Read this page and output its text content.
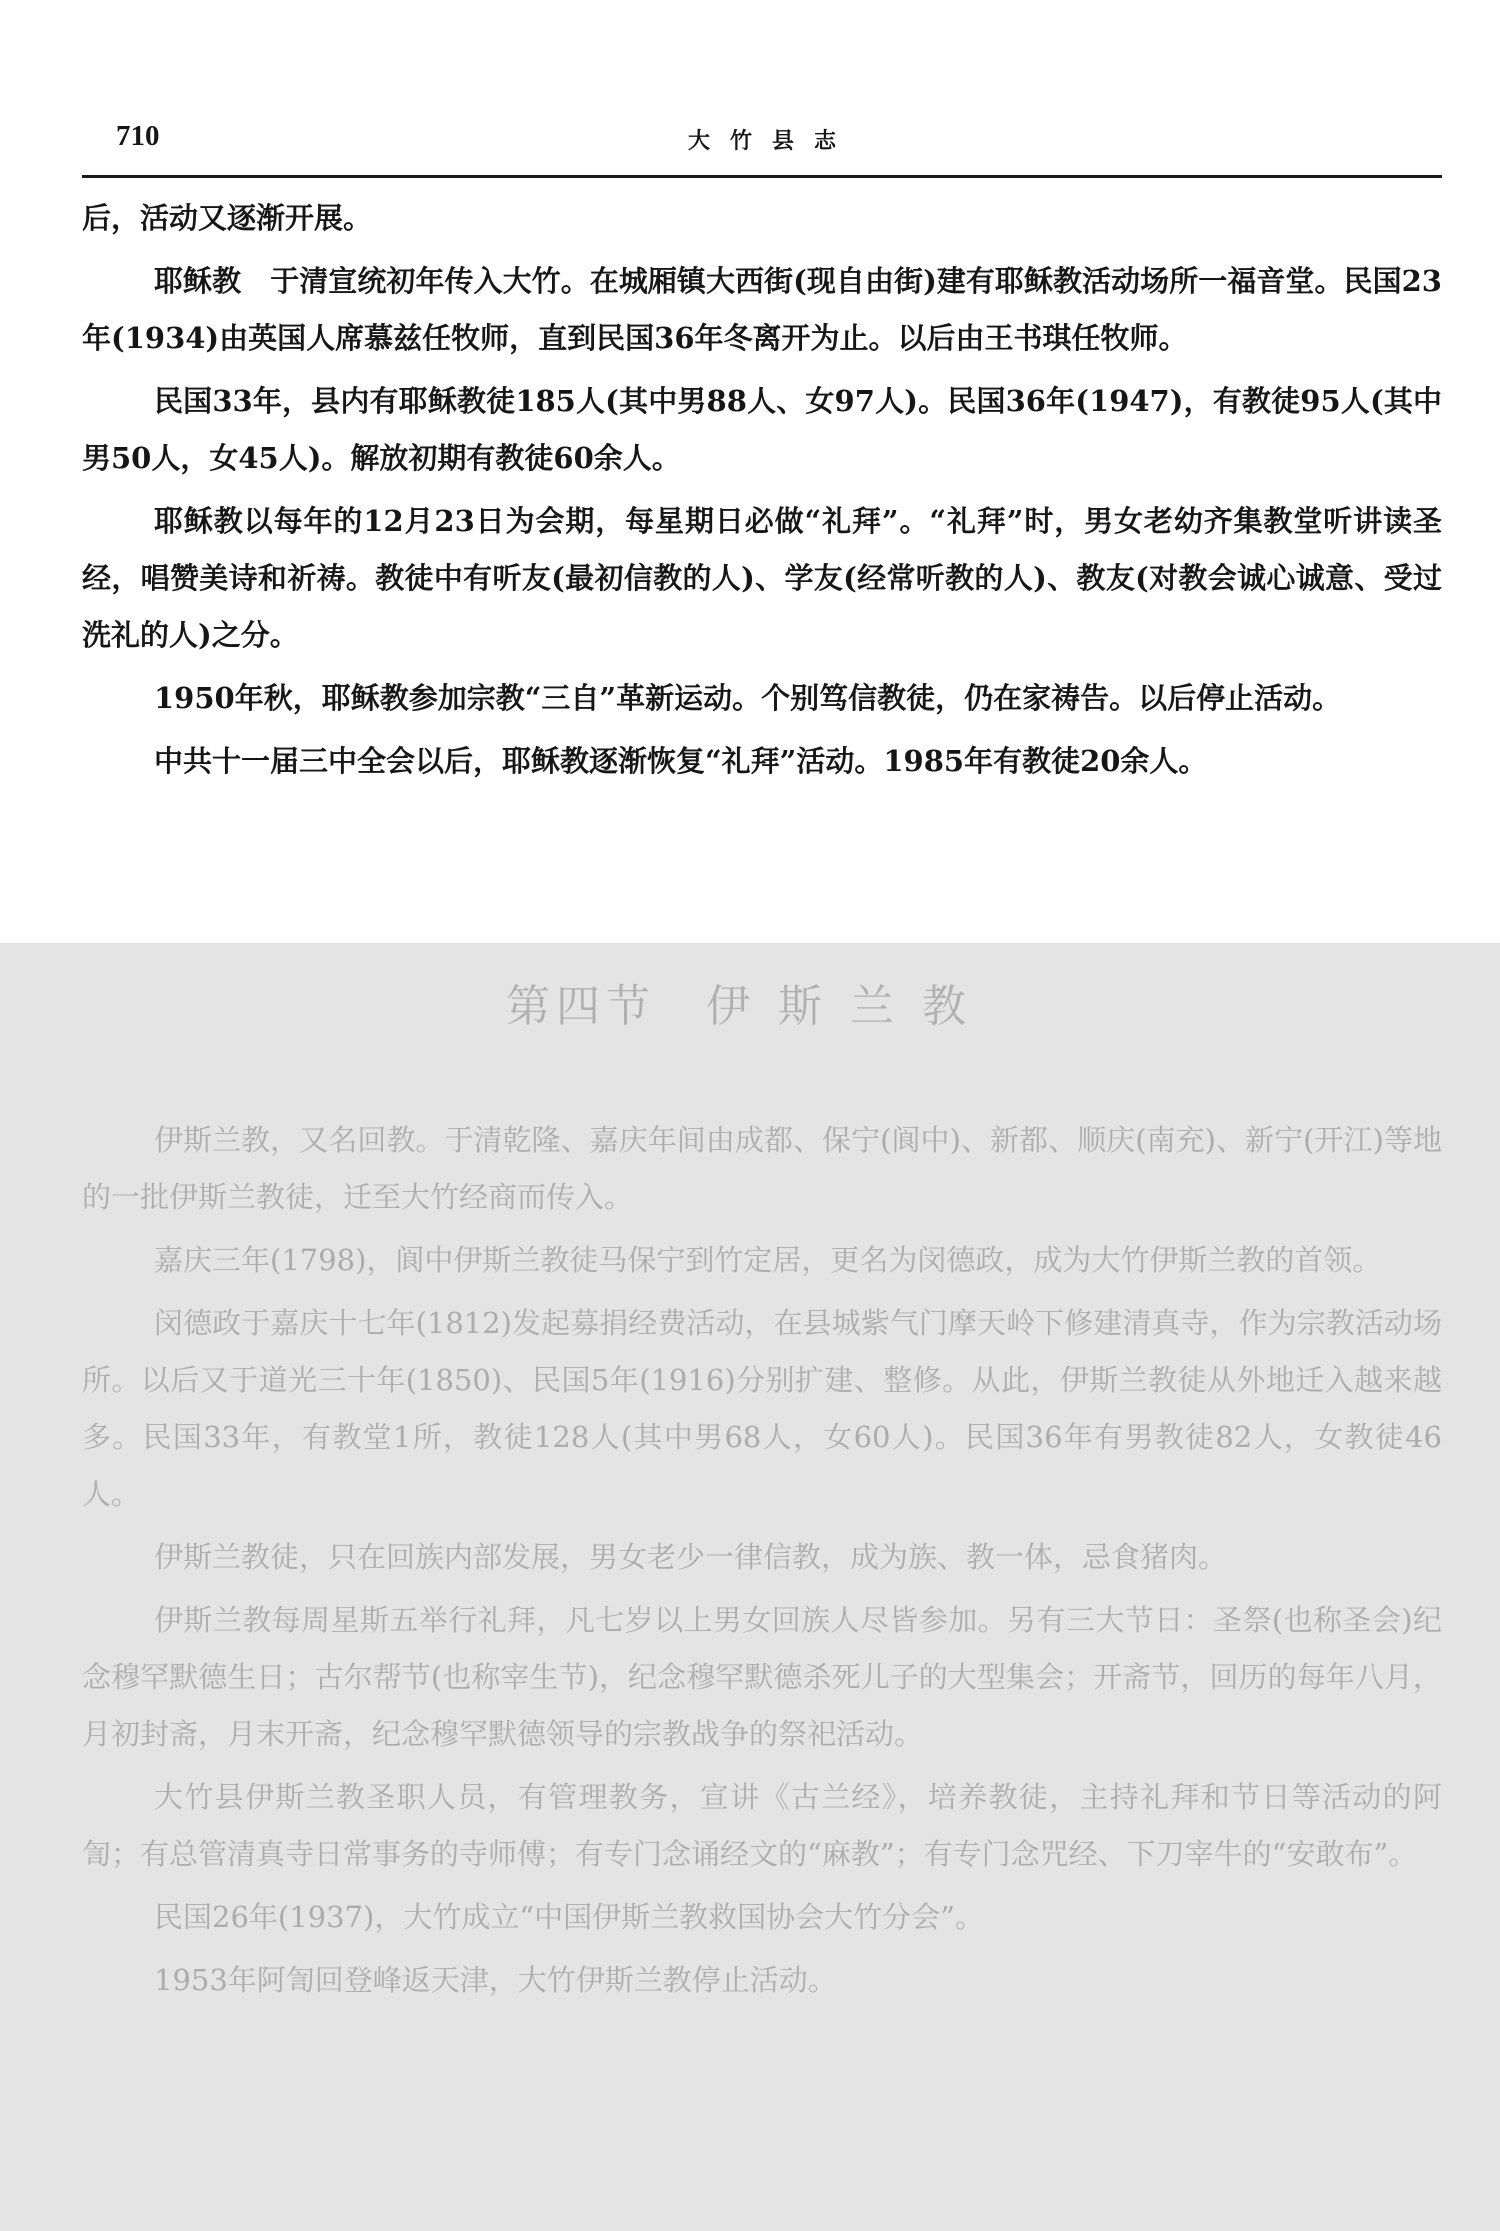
710	大竹县志

后，活动又逐渐开展。

耶稣教　于清宣统初年传入大竹。在城厢镇大西街(现自由街)建有耶稣教活动场所一福音堂。民国23年(1934)由英国人席慕兹任牧师，直到民国36年冬离开为止。以后由王书琪任牧师。

民国33年，县内有耶稣教徒185人(其中男88人、女97人)。民国36年(1947)，有教徒95人(其中男50人，女45人)。解放初期有教徒60余人。

耶稣教以每年的12月23日为会期，每星期日必做“礼拜”。“礼拜”时，男女老幼齐集教堂听讲读圣经，唱赞美诗和祈祷。教徒中有听友(最初信教的人)、学友(经常听教的人)、教友(对教会诚心诚意、受过洗礼的人)之分。

1950年秋，耶稣教参加宗教“三自”革新运动。个别笃信教徒，仍在家祷告。以后停止活动。

中共十一届三中全会以后，耶稣教逐渐恢复“礼拜”活动。1985年有教徒20余人。

第四节 伊斯兰教

伊斯兰教，又名回教。于清乾隆、嘉庆年间由成都、保宁(阆中)、新都、顺庆(南充)、新宁(开江)等地的一批伊斯兰教徒，迁至大竹经商而传入。

嘉庆三年(1798)，阆中伊斯兰教徒马保宁到竹定居，更名为闵德政，成为大竹伊斯兰教的首领。

闵德政于嘉庆十七年(1812)发起募捐经费活动，在县城紫气门摩天岭下修建清真寺，作为宗教活动场所。以后又于道光三十年(1850)、民国5年(1916)分别扩建、整修。从此，伊斯兰教徒从外地迁入越来越多。民国33年，有教堂1所，教徒128人(其中男68人，女60人)。民国36年有男教徒82人，女教徒46人。

伊斯兰教徒，只在回族内部发展，男女老少一律信教，成为族、教一体，忌食猪肉。

伊斯兰教每周星斯五举行礼拜，凡七岁以上男女回族人尽皆参加。另有三大节日：圣祭(也称圣会)纪念穆罕默德生日；古尔帮节(也称宰生节)，纪念穆罕默德杀死儿子的大型集会；开斋节，回历的每年八月，月初封斋，月末开斋，纪念穆罕默德领导的宗教战争的祭祀活动。

大竹县伊斯兰教圣职人员，有管理教务，宣讲《古兰经》，培养教徒，主持礼拜和节日等活动的阿訇；有总管清真寺日常事务的寺师傅；有专门念诵经文的“麻教”；有专门念咒经、下刀宰牛的“安敢布”。

民国26年(1937)，大竹成立“中国伊斯兰教救国协会大竹分会”。

1953年阿訇回登峰返天津，大竹伊斯兰教停止活动。
